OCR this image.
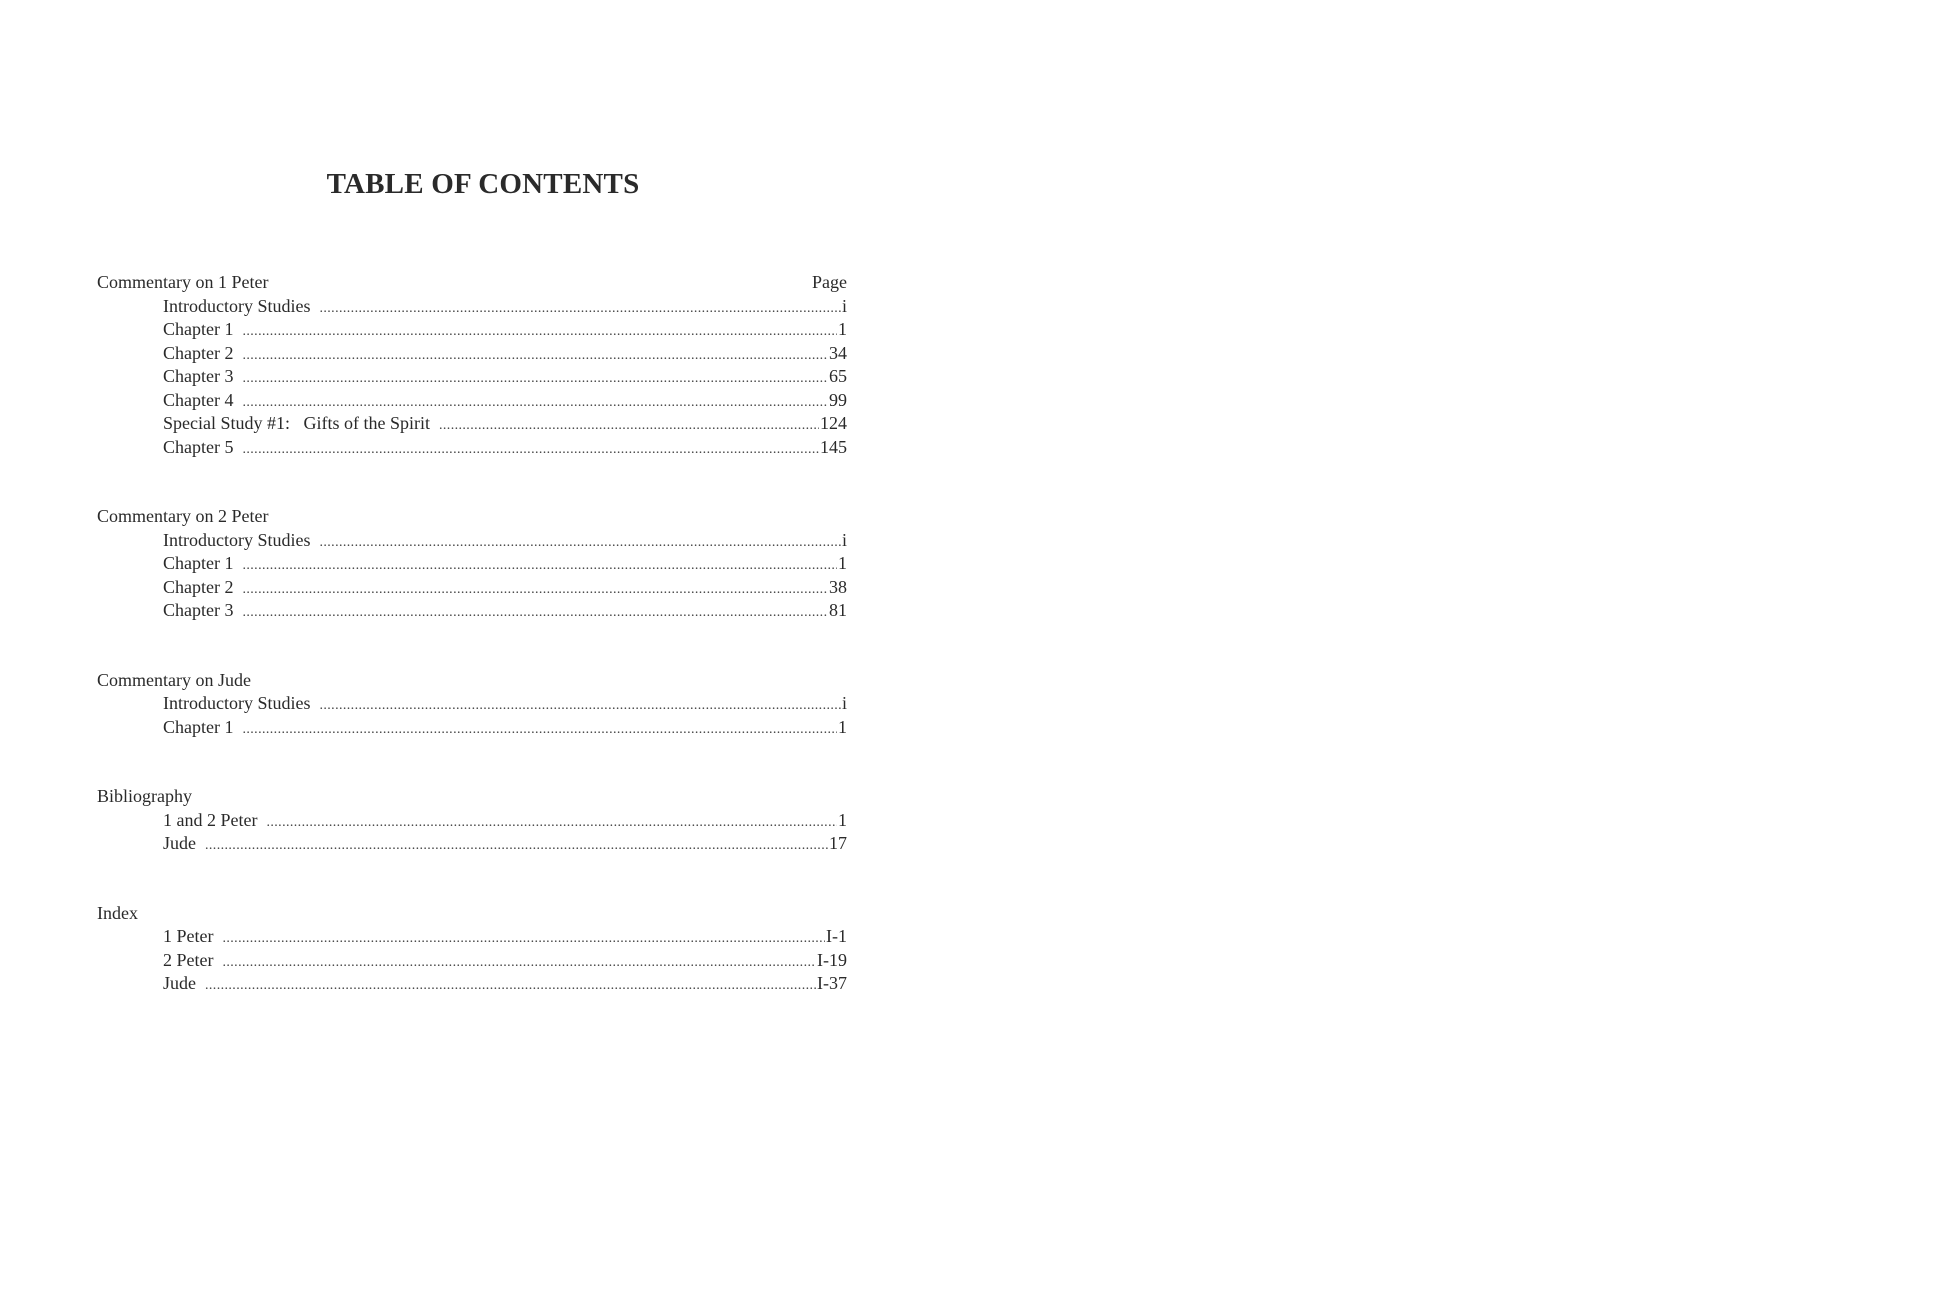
TABLE OF CONTENTS
Commentary on 1 Peter	Page
Introductory Studies .....	i
Chapter 1 .....	1
Chapter 2 .....	34
Chapter 3 .....	65
Chapter 4 .....	99
Special Study #1:   Gifts of the Spirit .....	124
Chapter 5 .....	145
Commentary on 2 Peter
Introductory Studies .....	i
Chapter 1 .....	1
Chapter 2 .....	38
Chapter 3 .....	81
Commentary on Jude
Introductory Studies .....	i
Chapter 1 .....	1
Bibliography
1 and 2 Peter .....	1
Jude .....	17
Index
1 Peter .....	I-1
2 Peter .....	I-19
Jude .....	I-37
